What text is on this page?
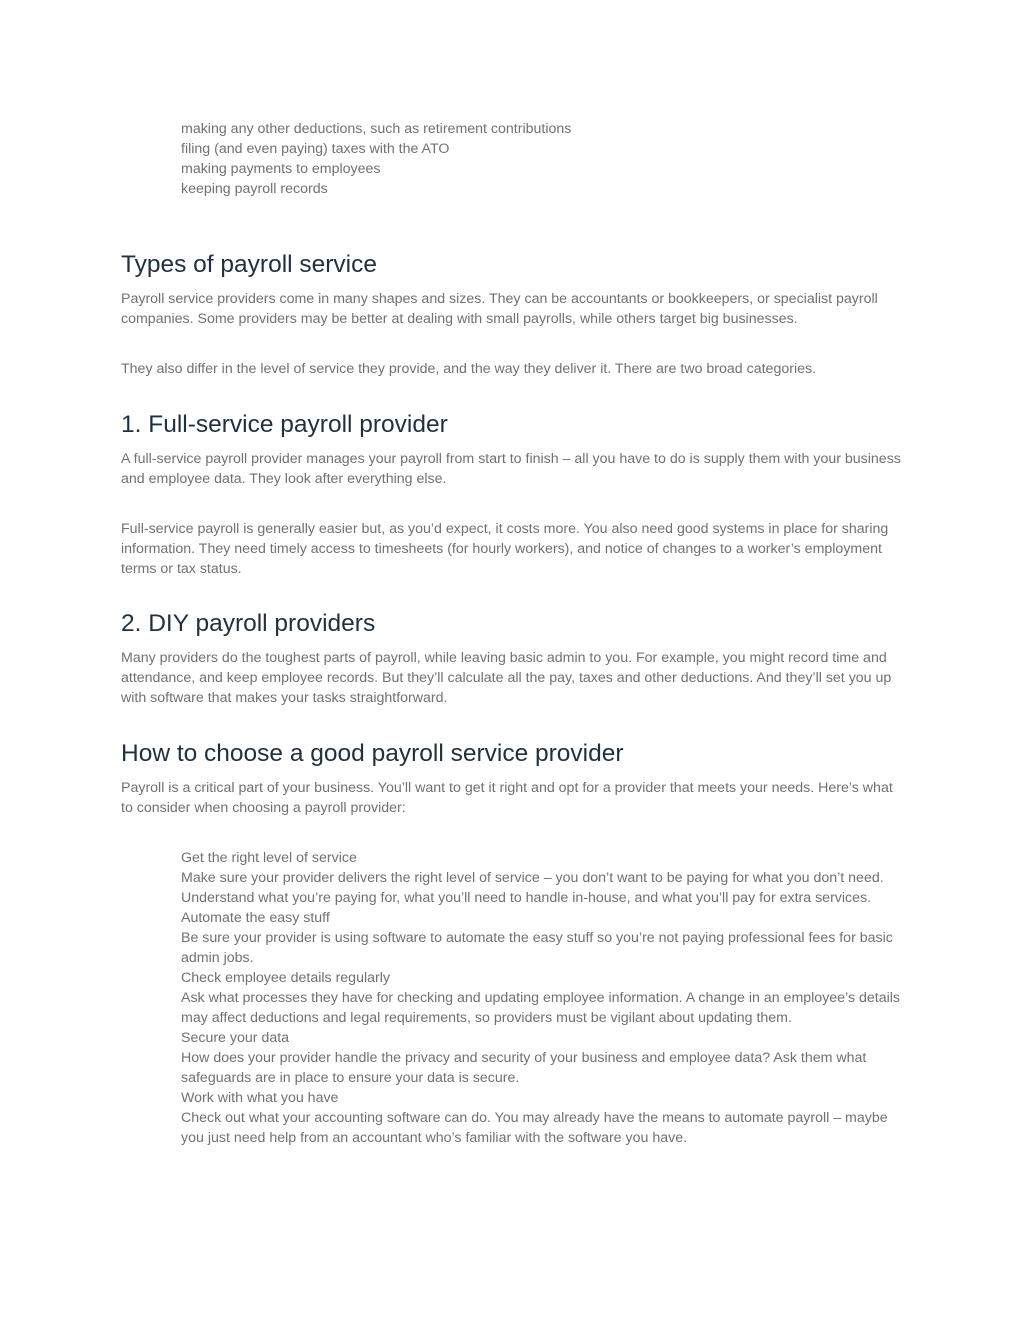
making any other deductions, such as retirement contributions
filing (and even paying) taxes with the ATO
making payments to employees
keeping payroll records
Types of payroll service

Payroll service providers come in many shapes and sizes. They can be accountants or bookkeepers, or specialist payroll companies. Some providers may be better at dealing with small payrolls, while others target big businesses.

They also differ in the level of service they provide, and the way they deliver it. There are two broad categories.

1. Full-service payroll provider

A full-service payroll provider manages your payroll from start to finish – all you have to do is supply them with your business and employee data. They look after everything else.

Full-service payroll is generally easier but, as you’d expect, it costs more. You also need good systems in place for sharing information. They need timely access to timesheets (for hourly workers), and notice of changes to a worker’s employment terms or tax status.

2. DIY payroll providers

Many providers do the toughest parts of payroll, while leaving basic admin to you. For example, you might record time and attendance, and keep employee records. But they’ll calculate all the pay, taxes and other deductions. And they’ll set you up with software that makes your tasks straightforward.

How to choose a good payroll service provider

Payroll is a critical part of your business. You’ll want to get it right and opt for a provider that meets your needs. Here’s what to consider when choosing a payroll provider:

Get the right level of service
Make sure your provider delivers the right level of service – you don’t want to be paying for what you don’t need. Understand what you’re paying for, what you’ll need to handle in-house, and what you’ll pay for extra services.
Automate the easy stuff
Be sure your provider is using software to automate the easy stuff so you’re not paying professional fees for basic admin jobs.
Check employee details regularly
Ask what processes they have for checking and updating employee information. A change in an employee’s details may affect deductions and legal requirements, so providers must be vigilant about updating them.
Secure your data
How does your provider handle the privacy and security of your business and employee data? Ask them what safeguards are in place to ensure your data is secure.
Work with what you have
Check out what your accounting software can do. You may already have the means to automate payroll – maybe you just need help from an accountant who’s familiar with the software you have.
